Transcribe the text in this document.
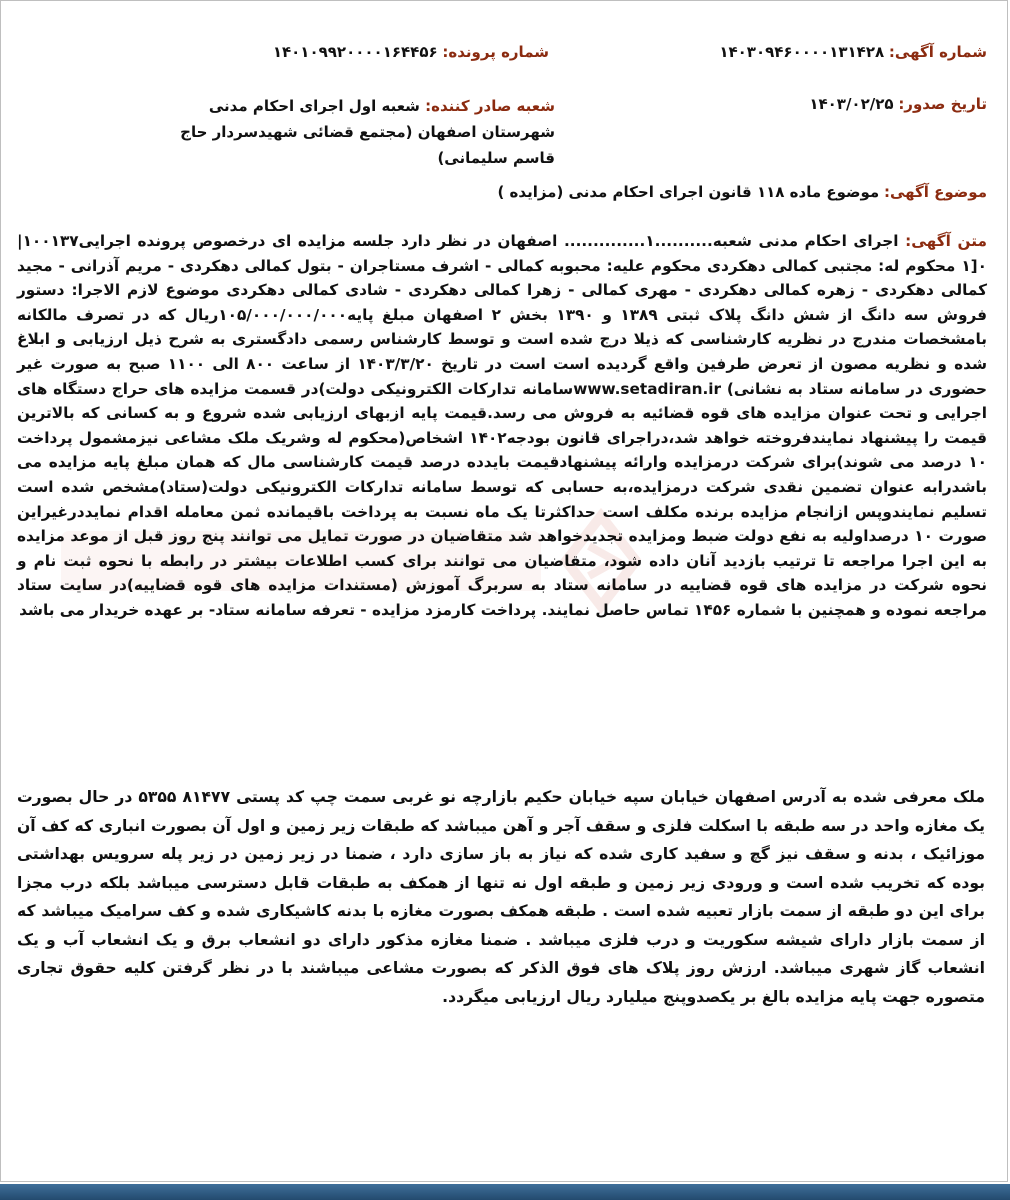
شماره آگهی: ۱۴۰۳۰۹۴۶۰۰۰۰۱۳۱۴۲۸
شماره پرونده: ۱۴۰۱۰۹۹۲۰۰۰۰۱۶۴۴۵۶
تاریخ صدور: ۱۴۰۳/۰۲/۲۵
شعبه صادر کننده: شعبه اول اجرای احکام مدنی شهرستان اصفهان (مجتمع قضائی شهیدسردار حاج قاسم سلیمانی)
موضوع آگهی: موضوع ماده ۱۱۸ قانون اجرای احکام مدنی (مزایده )
متن آگهی: اجرای احکام مدنی شعبه..........۱.............. اصفهان در نظر دارد جلسه مزایده ای درخصوص پرونده اجرایی۱۰۰۱۳۷|۰[۱ محکوم له: مجتبی کمالی دهکردی محکوم علیه: محبوبه کمالی - اشرف مستاجران - بتول کمالی دهکردی - مریم آذرانی - مجید کمالی دهکردی - زهره کمالی دهکردی - مهری کمالی - زهرا کمالی دهکردی - شادی کمالی دهکردی موضوع لازم الاجرا: دستور فروش سه دانگ از شش دانگ پلاک ثبتی ۱۳۸۹ و ۱۳۹۰ بخش ۲ اصفهان مبلغ پایه۱۰۵/۰۰۰/۰۰۰/۰۰۰ریال که در تصرف مالکانه بامشخصات مندرج در نظریه کارشناسی که ذیلا درج شده است و توسط کارشناس رسمی دادگستری به شرح ذیل ارزیابی و ابلاغ شده و نظریه مصون از تعرض طرفین واقع گردیده است است در تاریخ ۱۴۰۳/۳/۲۰ از ساعت ۸۰۰ الی ۱۱۰۰ صبح به صورت غیر حضوری در سامانه ستاد به نشانی) www.setadiran.irسامانه تدارکات الکترونیکی دولت)در قسمت مزایده های حراج دستگاه های اجرایی و تحت عنوان مزایده های قوه قضائیه به فروش می رسد.قیمت پایه ازبهای ارزیابی شده شروع و به کسانی که بالاترین قیمت را پیشنهاد نمایندفروخته خواهد شد،دراجرای قانون بودجه۱۴۰۲ اشخاص(محکوم له وشریک ملک مشاعی نیزمشمول پرداخت ۱۰ درصد می شوند)برای شرکت درمزایده وارائه پیشنهادقیمت بایدده درصد قیمت کارشناسی مال که همان مبلغ پایه مزایده می باشدرابه عنوان تضمین نقدی شرکت درمزایده،به حسابی که توسط سامانه تدارکات الکترونیکی دولت(ستاد)مشخص شده است تسلیم نمایندوپس ازانجام مزایده برنده مکلف است حداکثرتا یک ماه نسبت به پرداخت باقیمانده ثمن معامله اقدام نمایددرغیراین صورت ۱۰ درصداولیه به نفع دولت ضبط ومزایده تجدیدخواهد شد متقاضیان در صورت تمایل می توانند پنج روز قبل از موعد مزایده به این اجرا مراجعه تا ترتیب بازدید آنان داده شود، متقاضیان می توانند برای کسب اطلاعات بیشتر در رابطه با نحوه ثبت نام و نحوه شرکت در مزایده های قوه قضاییه در سامانه ستاد به سربرگ آموزش (مستندات مزایده های قوه قضاییه)در سایت ستاد مراجعه نموده و همچنین با شماره ۱۴۵۶ تماس حاصل نمایند. پرداخت کارمزد مزایده - تعرفه سامانه ستاد- بر عهده خریدار می باشد
ملک معرفی شده به آدرس اصفهان خیابان سپه خیابان حکیم بازارچه نو غربی سمت چپ کد پستی ۸۱۴۷۷ ۵۳۵۵ در حال بصورت یک مغازه واحد در سه طبقه با اسکلت فلزی و سقف آجر و آهن میباشد که طبقات زیر زمین و اول آن بصورت انباری که کف آن موزائیک ، بدنه و سقف نیز گچ و سفید کاری شده که نیاز به باز سازی دارد ، ضمنا در زیر زمین در زیر پله سرویس بهداشتی بوده که تخریب شده است و ورودی زیر زمین و طبقه اول نه تنها از همکف به طبقات قابل دسترسی میباشد بلکه درب مجزا برای این دو طبقه از سمت بازار تعبیه شده است . طبقه همکف بصورت مغازه با بدنه کاشیکاری شده و کف سرامیک میباشد که از سمت بازار دارای شیشه سکوریت و درب فلزی میباشد . ضمنا مغازه مذکور دارای دو انشعاب برق و یک انشعاب آب و یک انشعاب گاز شهری میباشد. ارزش روز پلاک های فوق الذکر که بصورت مشاعی میباشند با در نظر گرفتن کلیه حقوق تجاری متصوره جهت پایه مزایده بالغ بر یکصدوپنج میلیارد ریال ارزیابی میگردد.
